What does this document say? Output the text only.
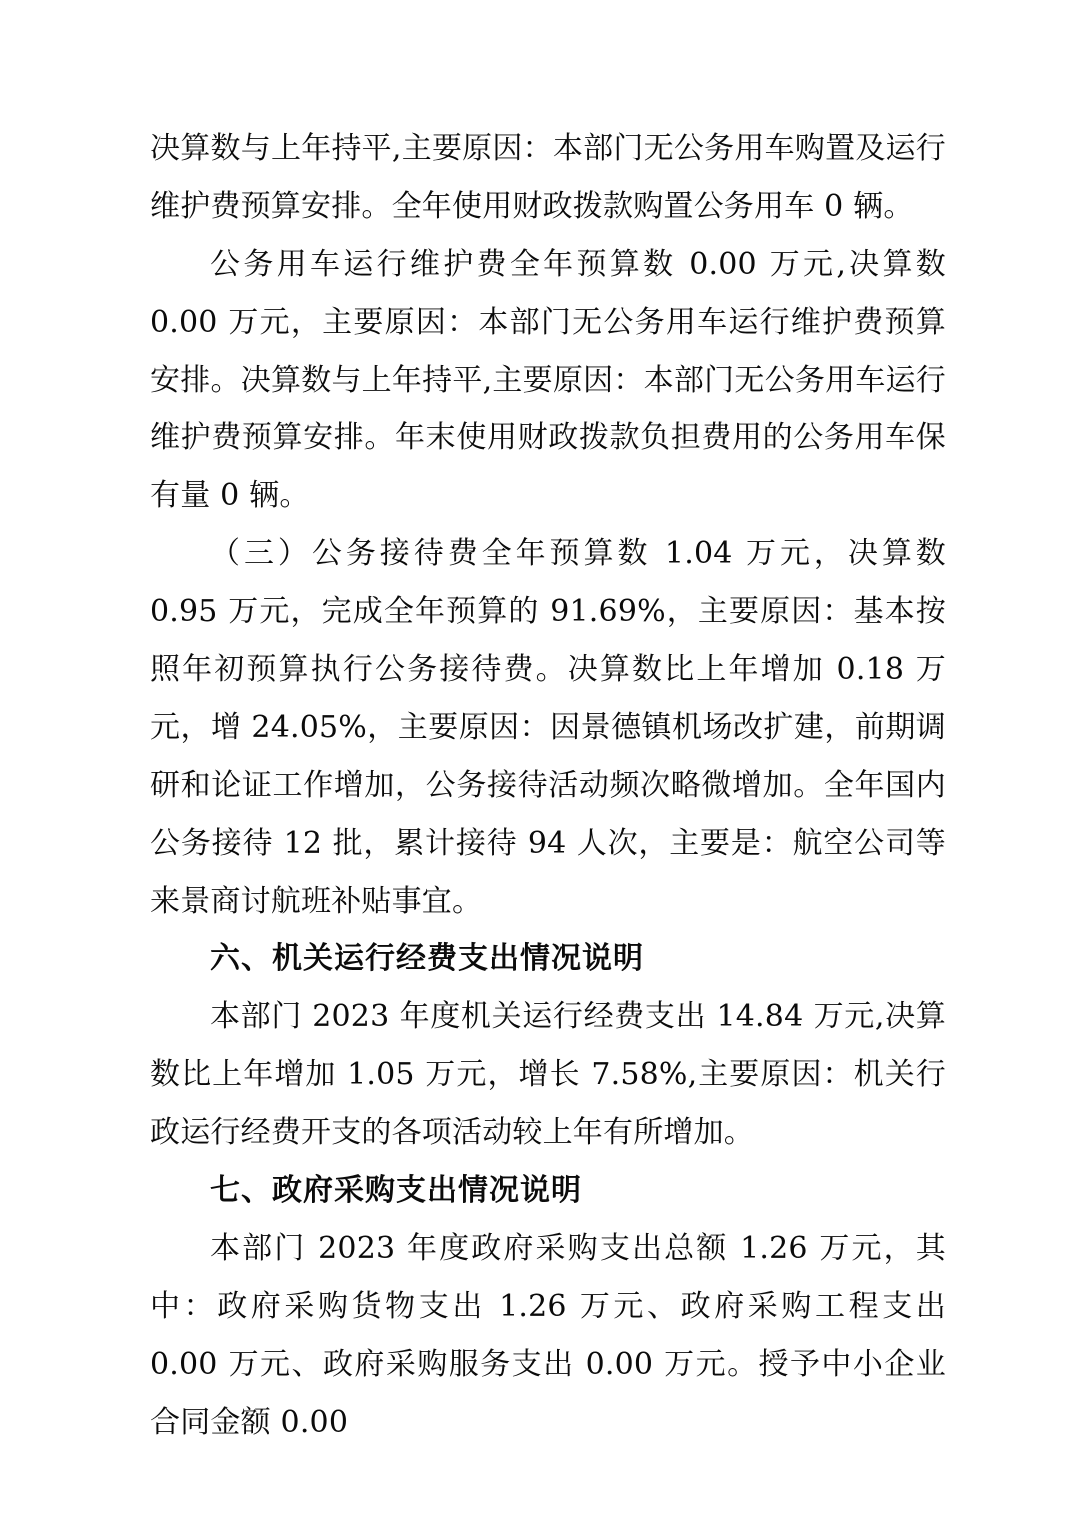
决算数与上年持平,主要原因：本部门无公务用车购置及运行维护费预算安排。全年使用财政拨款购置公务用车 0 辆。

公务用车运行维护费全年预算数 0.00 万元,决算数 0.00 万元，主要原因：本部门无公务用车运行维护费预算安排。决算数与上年持平,主要原因：本部门无公务用车运行维护费预算安排。年末使用财政拨款负担费用的公务用车保有量 0 辆。

（三）公务接待费全年预算数 1.04 万元，决算数 0.95 万元，完成全年预算的 91.69%，主要原因：基本按照年初预算执行公务接待费。决算数比上年增加 0.18 万元，增 24.05%，主要原因：因景德镇机场改扩建，前期调研和论证工作增加，公务接待活动频次略微增加。全年国内公务接待 12 批，累计接待 94 人次，主要是：航空公司等来景商讨航班补贴事宜。

六、机关运行经费支出情况说明

本部门 2023 年度机关运行经费支出 14.84 万元,决算数比上年增加 1.05 万元，增长 7.58%,主要原因：机关行政运行经费开支的各项活动较上年有所增加。

七、政府采购支出情况说明

本部门 2023 年度政府采购支出总额 1.26 万元，其中：政府采购货物支出 1.26 万元、政府采购工程支出 0.00 万元、政府采购服务支出 0.00 万元。授予中小企业合同金额 0.00
